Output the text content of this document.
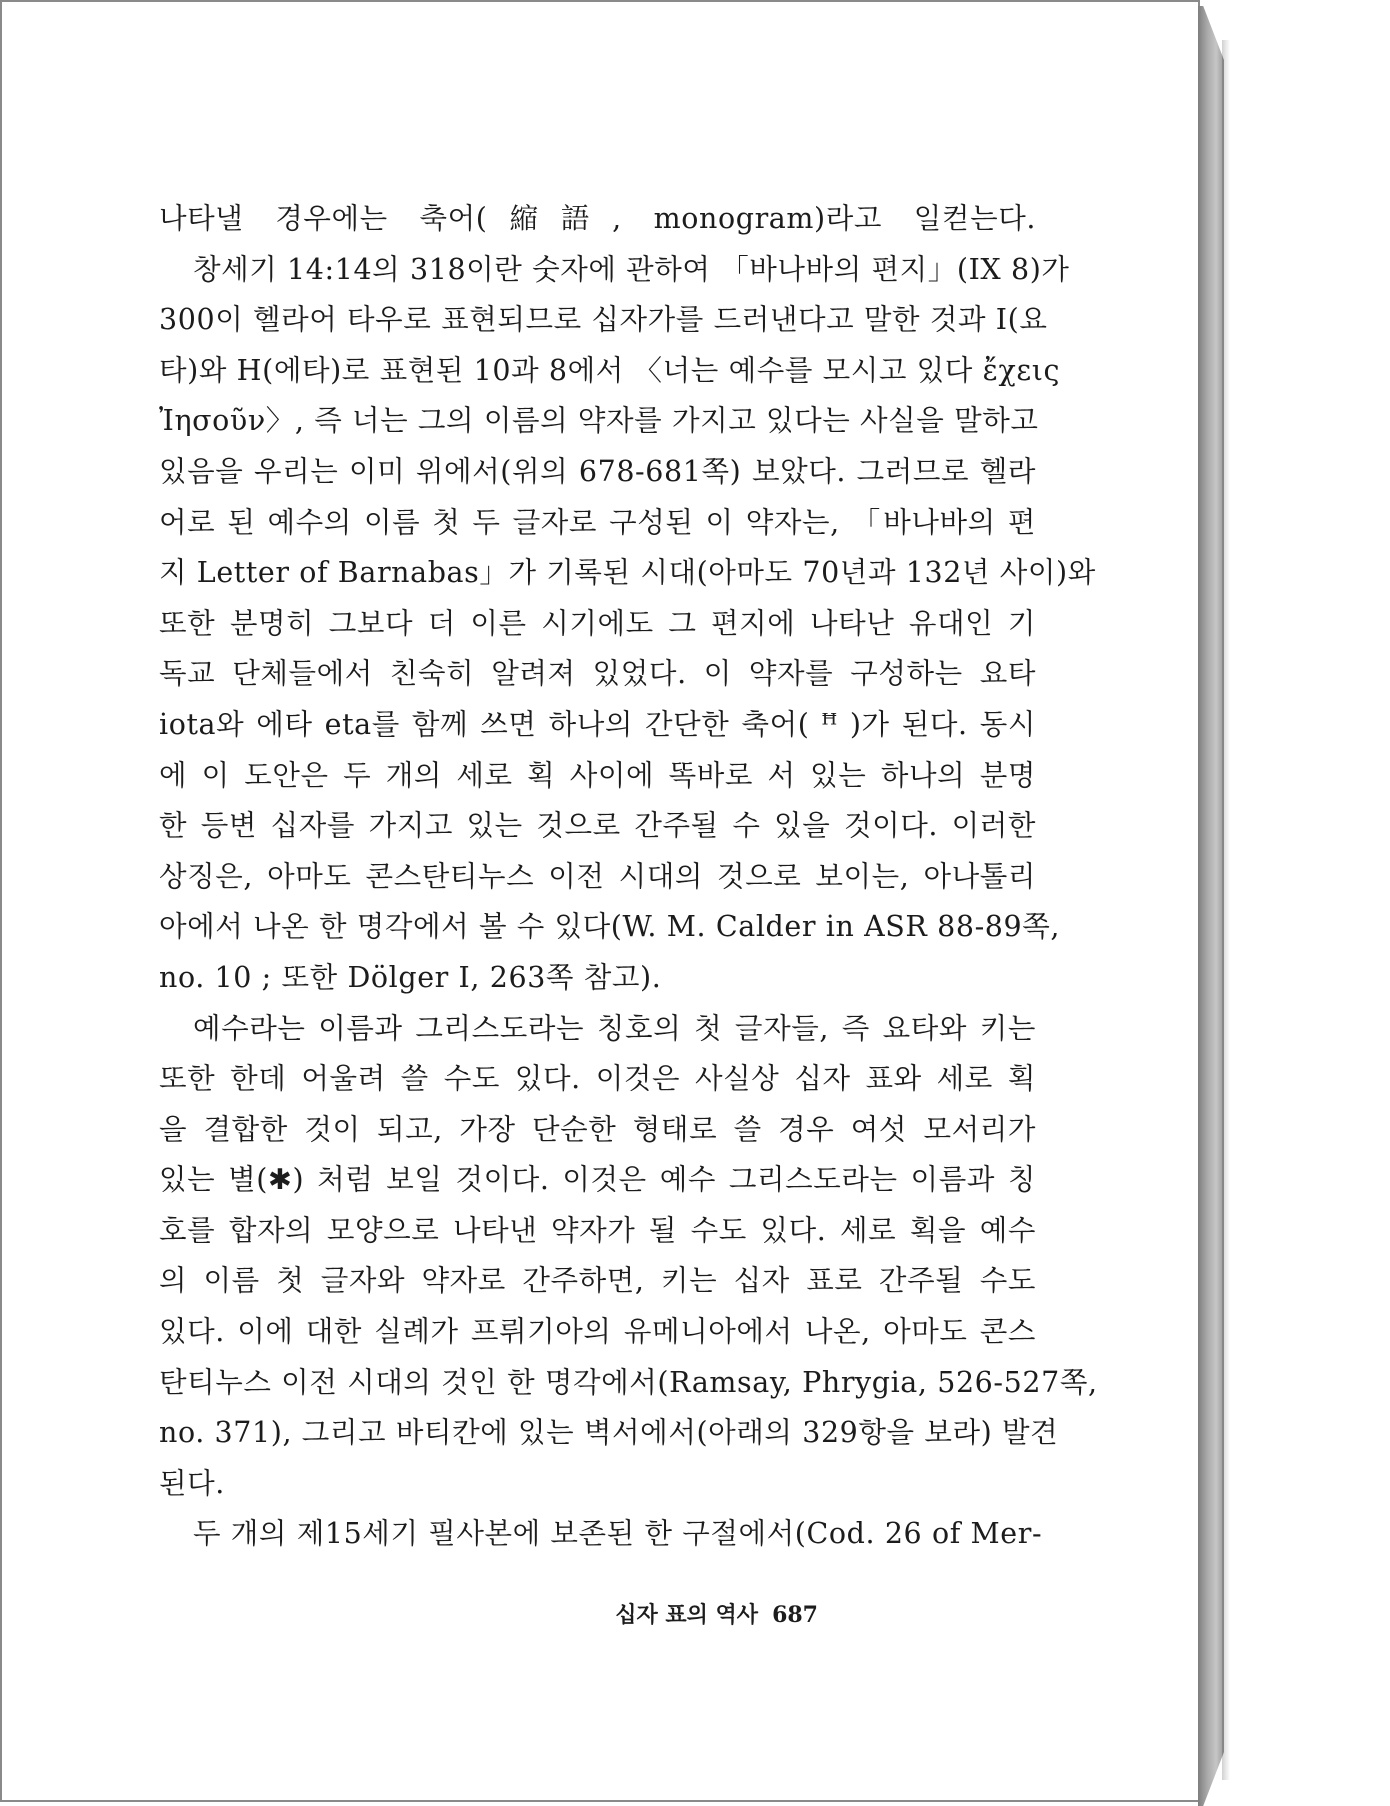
나타낼 경우에는 축어(縮語, monogram)라고 일컫는다.
창세기 14:14의 318이란 숫자에 관하여 「바나바의 편지」(IX 8)가
300이 헬라어 타우로 표현되므로 십자가를 드러낸다고 말한 것과 I(요
타)와 H(에타)로 표현된 10과 8에서 〈너는 예수를 모시고 있다 ἔχεις
Ἰησοῦν〉, 즉 너는 그의 이름의 약자를 가지고 있다는 사실을 말하고
있음을 우리는 이미 위에서(위의 678-681쪽) 보았다. 그러므로 헬라
어로 된 예수의 이름 첫 두 글자로 구성된 이 약자는, 「바나바의 편
지 Letter of Barnabas」가 기록된 시대(아마도 70년과 132년 사이)와
또한 분명히 그보다 더 이른 시기에도 그 편지에 나타난 유대인 기
독교 단체들에서 친숙히 알려져 있었다. 이 약자를 구성하는 요타
iota와 에타 eta를 함께 쓰면 하나의 간단한 축어( ꟸ )가 된다. 동시
에 이 도안은 두 개의 세로 획 사이에 똑바로 서 있는 하나의 분명
한 등변 십자를 가지고 있는 것으로 간주될 수 있을 것이다. 이러한
상징은, 아마도 콘스탄티누스 이전 시대의 것으로 보이는, 아나톨리
아에서 나온 한 명각에서 볼 수 있다(W. M. Calder in ASR 88-89쪽,
no. 10 ; 또한 Dölger I, 263쪽 참고).
예수라는 이름과 그리스도라는 칭호의 첫 글자들, 즉 요타와 키는
또한 한데 어울려 쓸 수도 있다. 이것은 사실상 십자 표와 세로 획
을 결합한 것이 되고, 가장 단순한 형태로 쓸 경우 여섯 모서리가
있는 별(✱) 처럼 보일 것이다. 이것은 예수 그리스도라는 이름과 칭
호를 합자의 모양으로 나타낸 약자가 될 수도 있다. 세로 획을 예수
의 이름 첫 글자와 약자로 간주하면, 키는 십자 표로 간주될 수도
있다. 이에 대한 실례가 프뤼기아의 유메니아에서 나온, 아마도 콘스
탄티누스 이전 시대의 것인 한 명각에서(Ramsay, Phrygia, 526-527쪽,
no. 371), 그리고 바티칸에 있는 벽서에서(아래의 329항을 보라) 발견
된다.
두 개의 제15세기 필사본에 보존된 한 구절에서(Cod. 26 of Mer-
십자 표의 역사 687
